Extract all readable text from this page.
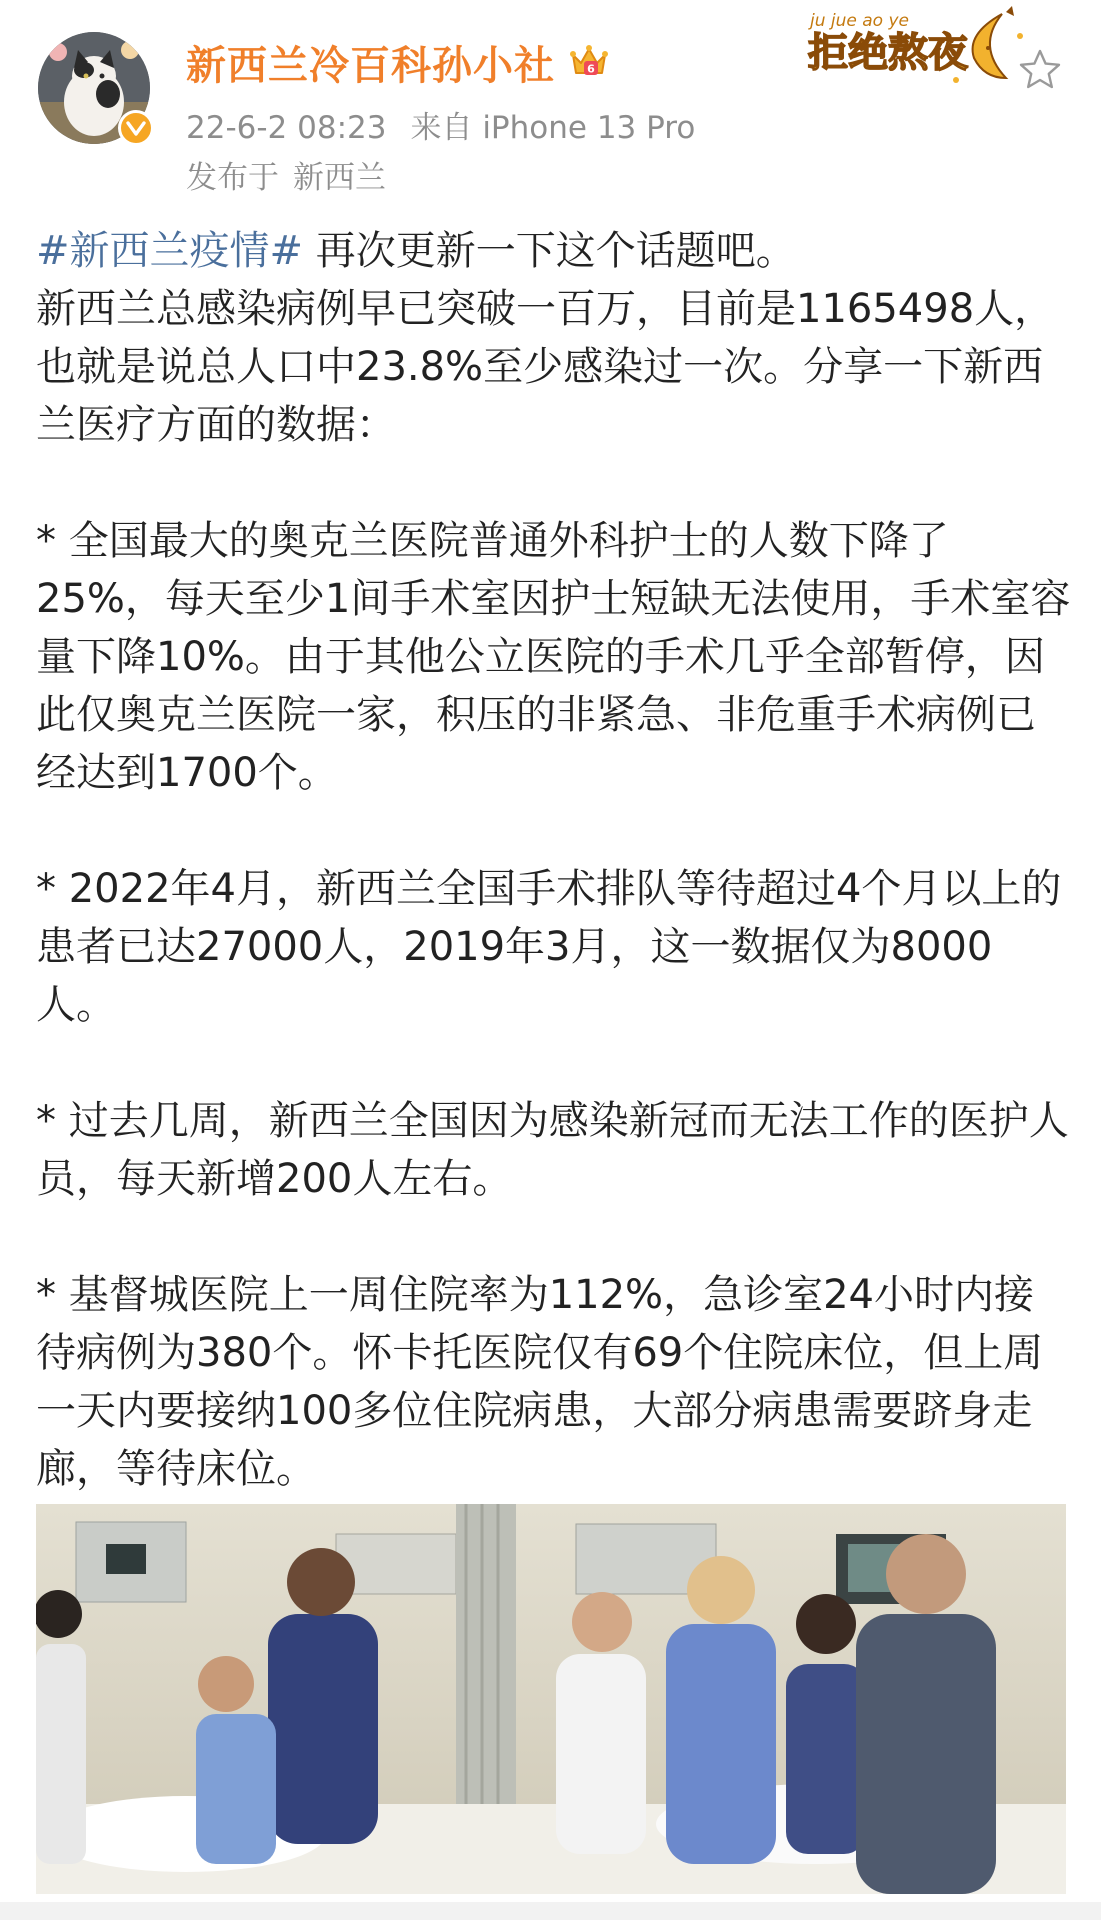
新西兰冷百科孙小社	6
22-6-2 08:23 来自 iPhone 13 Pro
发布于 新西兰
ju jue ao ye
拒绝熬夜

#新西兰疫情# 再次更新一下这个话题吧。
新西兰总感染病例早已突破一百万，目前是1165498人，也就是说总人口中23.8%至少感染过一次。分享一下新西兰医疗方面的数据：

* 全国最大的奥克兰医院普通外科护士的人数下降了25%，每天至少1间手术室因护士短缺无法使用，手术室容量下降10%。由于其他公立医院的手术几乎全部暂停，因此仅奥克兰医院一家，积压的非紧急、非危重手术病例已经达到1700个。

* 2022年4月，新西兰全国手术排队等待超过4个月以上的患者已达27000人，2019年3月，这一数据仅为8000人。

* 过去几周，新西兰全国因为感染新冠而无法工作的医护人员，每天新增200人左右。

* 基督城医院上一周住院率为112%，急诊室24小时内接待病例为380个。怀卡托医院仅有69个住院床位，但上周一天内要接纳100多位住院病患，大部分病患需要跻身走廊，等待床位。
